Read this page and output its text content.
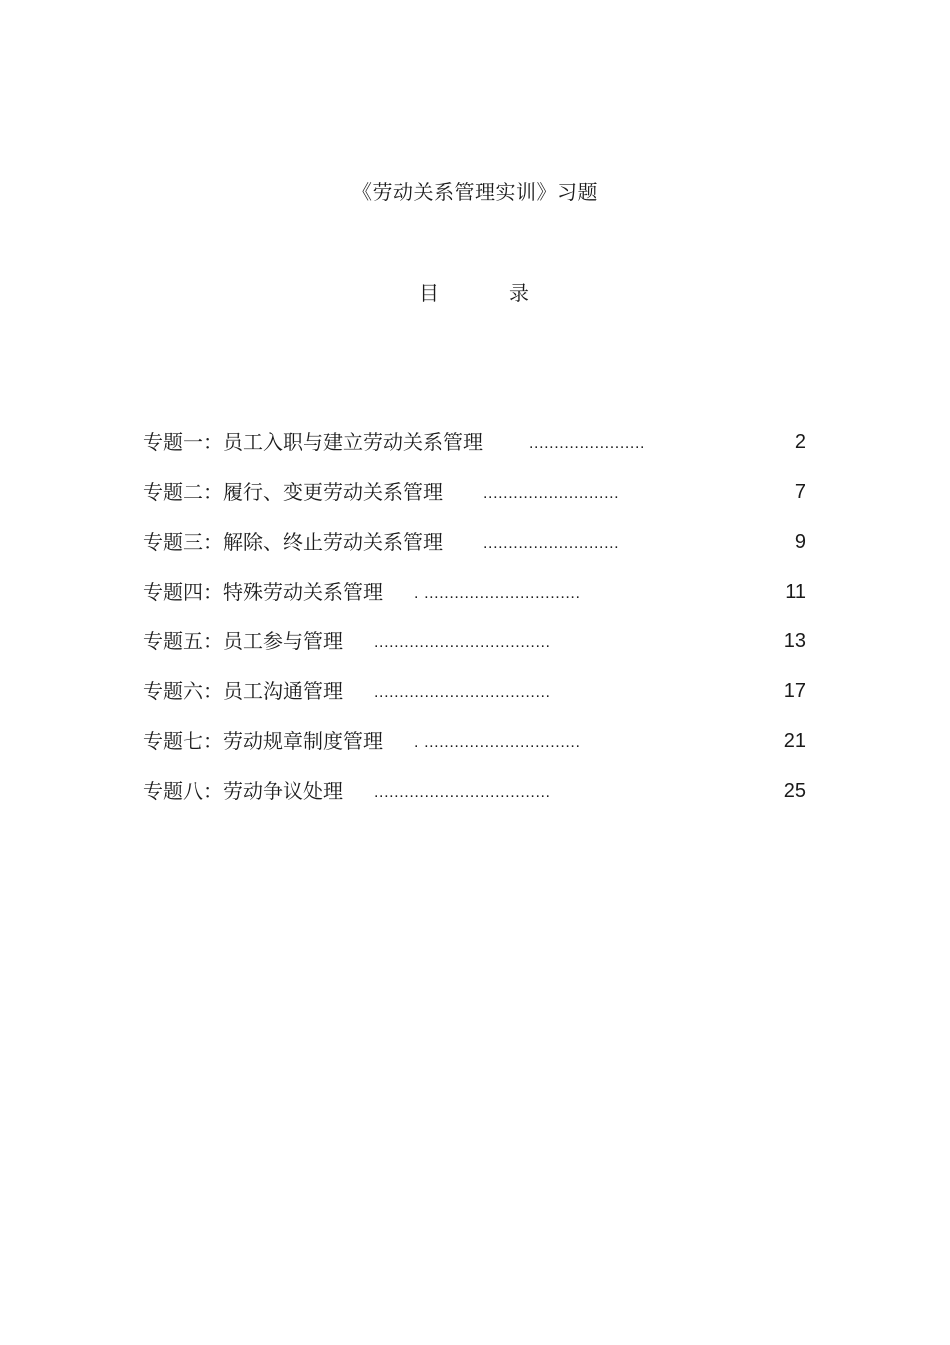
《劳动关系管理实训》习题
目	录
专题一：员工入职与建立劳动关系管理	.......................	2
专题二：履行、变更劳动关系管理	...........................	7
专题三：解除、终止劳动关系管理	...........................	9
专题四：特殊劳动关系管理 . ...............................	11
专题五：员工参与管理 ...................................	13
专题六：员工沟通管理 ...................................	17
专题七：劳动规章制度管理 . ...............................	21
专题八：劳动争议处理 ...................................	25
